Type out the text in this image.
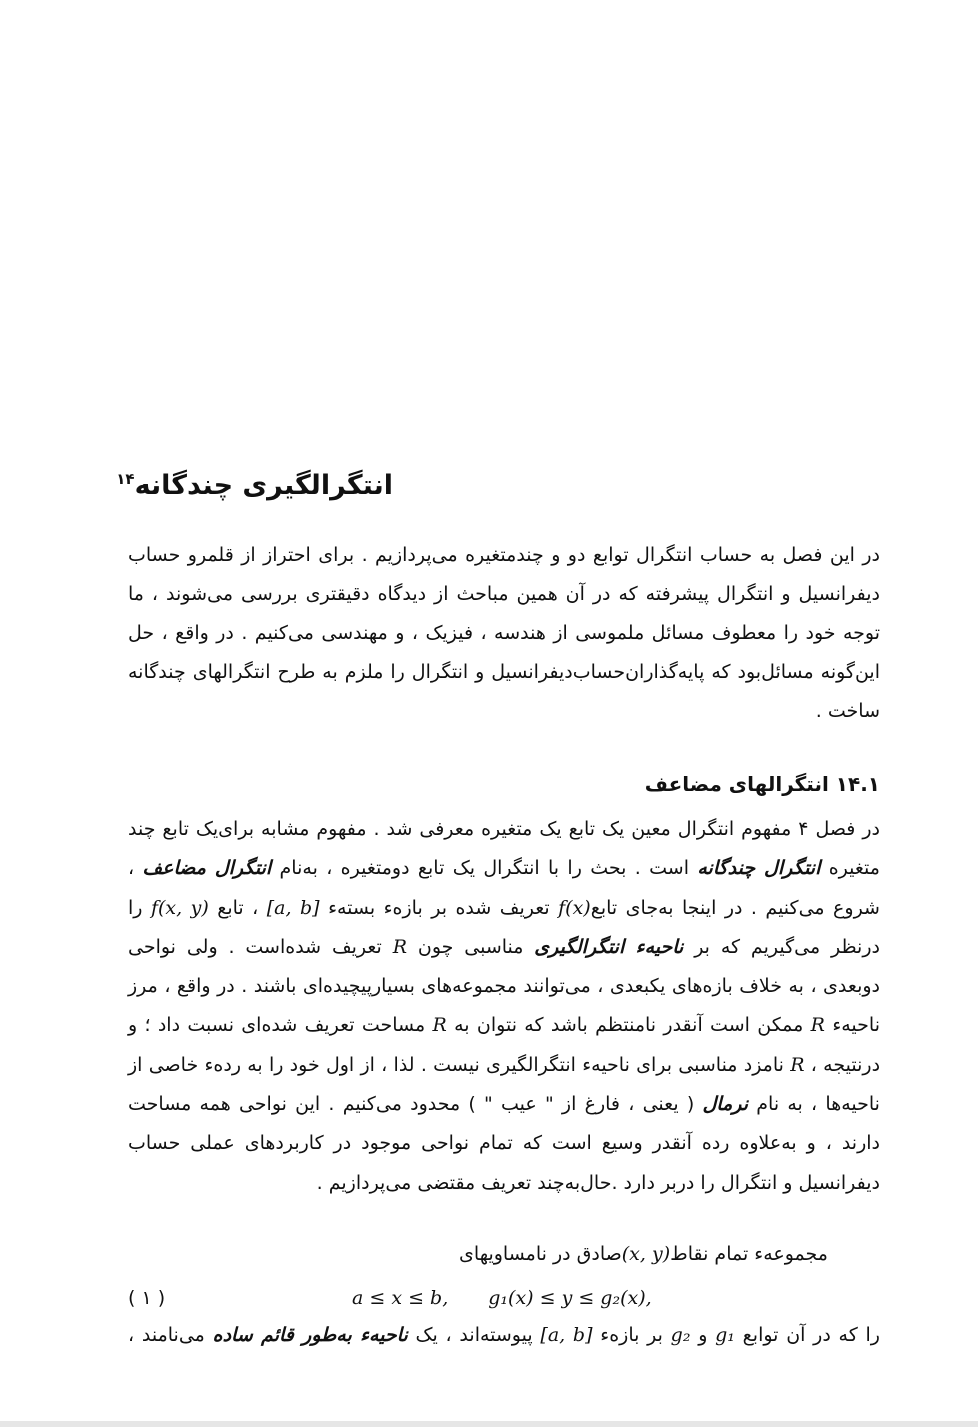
انتگرالگیری چندگانه$^{۱۴}$

در این فصل به حساب انتگرال توابع دو و چندمتغیره می‌پردازیم . برای احتراز از قلمرو حساب دیفرانسیل و انتگرال پیشرفته که در آن همین مباحث از دیدگاه دقیقتری بررسی می‌شوند ، ما توجه خود را معطوف مسائل ملموسی از هندسه ، فیزیک ، و مهندسی می‌کنیم . در واقع ، حل این‌گونه مسائل‌بود که پایه‌گذاران‌حساب‌دیفرانسیل و انتگرال را ملزم به طرح انتگرالهای چندگانه ساخت .

۱۴.۱ انتگرالهای مضاعف

در فصل ۴ مفهوم انتگرال معین یک تابع یک متغیره معرفی شد . مفهوم مشابه برای‌یک تابع چند متغیره انتگرال چندگانه است . بحث را با انتگرال یک تابع دومتغیره ، به‌نام انتگرال مضاعف ، شروع می‌کنیم . در اینجا به‌جای تابعf(x) تعریف شده بر بازهء بستهء [a, b] ، تابع f(x, y) را درنظر می‌گیریم که بر ناحیهء انتگرالگیری مناسبی چون R تعریف شده‌است . ولی نواحی دوبعدی ، به خلاف بازه‌های یکبعدی ، می‌توانند مجموعه‌های بسیارپیچیده‌ای باشند . در واقع ، مرز ناحیهء R ممکن است آنقدر نامنتظم باشد که نتوان به R مساحت تعریف شده‌ای نسبت داد ؛ و درنتیجه ، R نامزد مناسبی برای ناحیهء انتگرالگیری نیست . لذا ، از اول خود را به ردهء خاصی از ناحیه‌ها ، به نام نرمال ( یعنی ، فارغ از " عیب " ) محدود می‌کنیم . این نواحی همه مساحت دارند ، و به‌علاوه رده آنقدر وسیع است که تمام نواحی موجود در کاربردهای عملی حساب دیفرانسیل و انتگرال را دربر دارد .حال‌به‌چند تعریف مقتضی می‌پردازیم .

مجموعهء تمام نقاط(x, y)صادق در نامساویهای
( ۱ )	a ≤ x ≤ b, g₁(x) ≤ y ≤ g₂(x),
را که در آن توابع g₁ و g₂ بر بازهء [a, b] پیوسته‌اند ، یک ناحیهء به‌طور قائم ساده می‌نامند ،
